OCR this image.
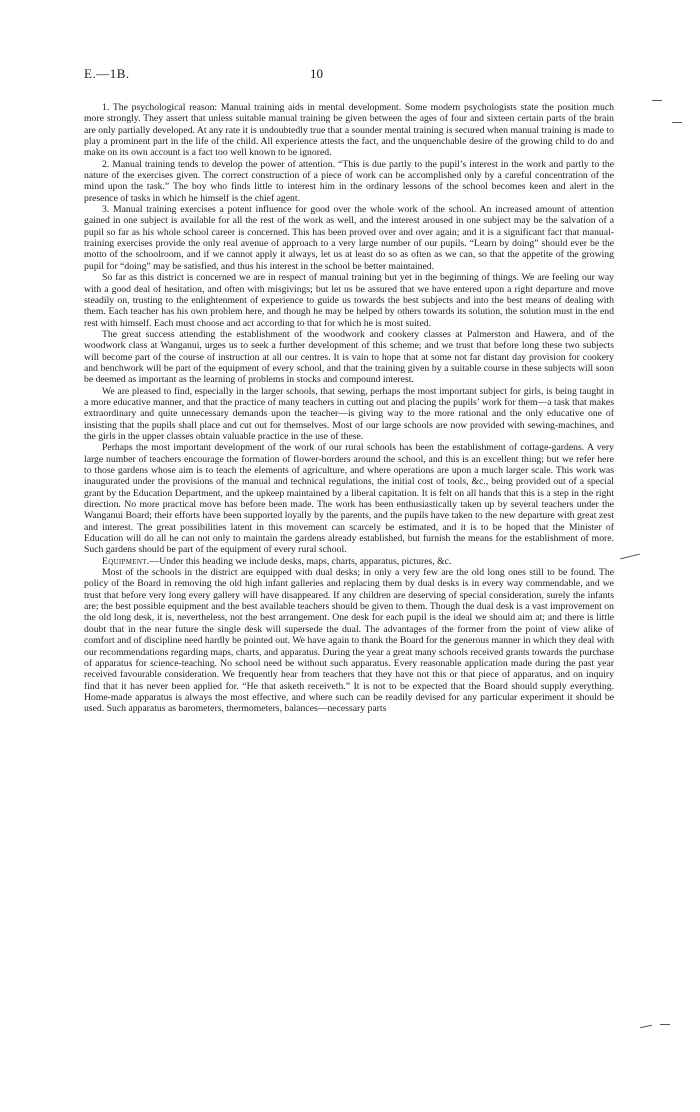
E.—1B.	10

1. The psychological reason: Manual training aids in mental development. Some modern psychologists state the position much more strongly. They assert that unless suitable manual training be given between the ages of four and sixteen certain parts of the brain are only partially developed. At any rate it is undoubtedly true that a sounder mental training is secured when manual training is made to play a prominent part in the life of the child. All experience attests the fact, and the unquenchable desire of the growing child to do and make on its own account is a fact too well known to be ignored.

2. Manual training tends to develop the power of attention. “This is due partly to the pupil’s interest in the work and partly to the nature of the exercises given. The correct construction of a piece of work can be accomplished only by a careful concentration of the mind upon the task.” The boy who finds little to interest him in the ordinary lessons of the school becomes keen and alert in the presence of tasks in which he himself is the chief agent.

3. Manual training exercises a potent influence for good over the whole work of the school. An increased amount of attention gained in one subject is available for all the rest of the work as well, and the interest aroused in one subject may be the salvation of a pupil so far as his whole school career is concerned. This has been proved over and over again; and it is a significant fact that manual-training exercises provide the only real avenue of approach to a very large number of our pupils. “Learn by doing” should ever be the motto of the schoolroom, and if we cannot apply it always, let us at least do so as often as we can, so that the appetite of the growing pupil for “doing” may be satisfied, and thus his interest in the school be better maintained.

So far as this district is concerned we are in respect of manual training but yet in the beginning of things. We are feeling our way with a good deal of hesitation, and often with misgivings; but let us be assured that we have entered upon a right departure and move steadily on, trusting to the enlightenment of experience to guide us towards the best subjects and into the best means of dealing with them. Each teacher has his own problem here, and though he may be helped by others towards its solution, the solution must in the end rest with himself. Each must choose and act according to that for which he is most suited.

The great success attending the establishment of the woodwork and cookery classes at Palmerston and Hawera, and of the woodwork class at Wanganui, urges us to seek a further development of this scheme; and we trust that before long these two subjects will become part of the course of instruction at all our centres. It is vain to hope that at some not far distant day provision for cookery and benchwork will be part of the equipment of every school, and that the training given by a suitable course in these subjects will soon be deemed as important as the learning of problems in stocks and compound interest.

We are pleased to find, especially in the larger schools, that sewing, perhaps the most important subject for girls, is being taught in a more educative manner, and that the practice of many teachers in cutting out and placing the pupils’ work for them—a task that makes extraordinary and quite unnecessary demands upon the teacher—is giving way to the more rational and the only educative one of insisting that the pupils shall place and cut out for themselves. Most of our large schools are now provided with sewing-machines, and the girls in the upper classes obtain valuable practice in the use of these.

Perhaps the most important development of the work of our rural schools has been the establishment of cottage-gardens. A very large number of teachers encourage the formation of flower-borders around the school, and this is an excellent thing; but we refer here to those gardens whose aim is to teach the elements of agriculture, and where operations are upon a much larger scale. This work was inaugurated under the provisions of the manual and technical regulations, the initial cost of tools, &c., being provided out of a special grant by the Education Department, and the upkeep maintained by a liberal capitation. It is felt on all hands that this is a step in the right direction. No more practical move has before been made. The work has been enthusiastically taken up by several teachers under the Wanganui Board; their efforts have been supported loyally by the parents, and the pupils have taken to the new departure with great zest and interest. The great possibilities latent in this movement can scarcely be estimated, and it is to be hoped that the Minister of Education will do all he can not only to maintain the gardens already established, but furnish the means for the establishment of more. Such gardens should be part of the equipment of every rural school.

Equipment.—Under this heading we include desks, maps, charts, apparatus, pictures, &c.

Most of the schools in the district are equipped with dual desks; in only a very few are the old long ones still to be found. The policy of the Board in removing the old high infant galleries and replacing them by dual desks is in every way commendable, and we trust that before very long every gallery will have disappeared. If any children are deserving of special consideration, surely the infants are; the best possible equipment and the best available teachers should be given to them. Though the dual desk is a vast improvement on the old long desk, it is, nevertheless, not the best arrangement. One desk for each pupil is the ideal we should aim at; and there is little doubt that in the near future the single desk will supersede the dual. The advantages of the former from the point of view alike of comfort and of discipline need hardly be pointed out. We have again to thank the Board for the generous manner in which they deal with our recommendations regarding maps, charts, and apparatus. During the year a great many schools received grants towards the purchase of apparatus for science-teaching. No school need be without such apparatus. Every reasonable application made during the past year received favourable consideration. We frequently hear from teachers that they have not this or that piece of apparatus, and on inquiry find that it has never been applied for. “He that asketh receiveth.” It is not to be expected that the Board should supply everything. Home-made apparatus is always the most effective, and where such can be readily devised for any particular experiment it should be used. Such apparatus as barometers, thermometers, balances—necessary parts
